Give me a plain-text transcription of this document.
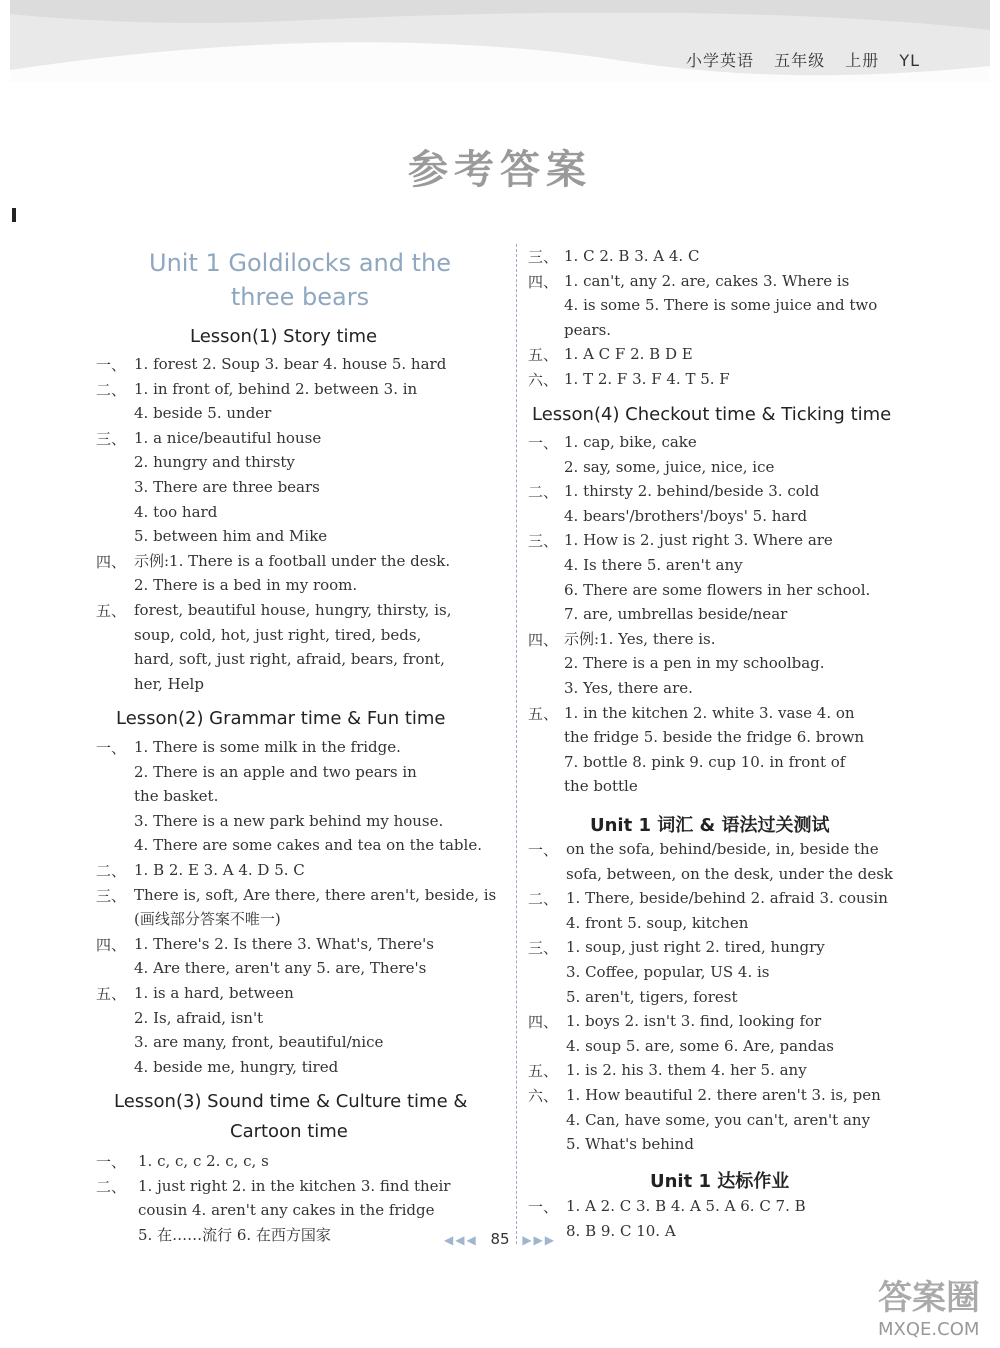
小学英语 五年级 上册 YL
参考答案
Unit 1 Goldilocks and the
three bears
Lesson(1) Story time
一、 1. forest 2. Soup 3. bear 4. house 5. hard
二、 1. in front of, behind 2. between 3. in
4. beside 5. under
三、 1. a nice/beautiful house
2. hungry and thirsty
3. There are three bears
4. too hard
5. between him and Mike
四、 示例:1. There is a football under the desk.
2. There is a bed in my room.
五、 forest, beautiful house, hungry, thirsty, is,
soup, cold, hot, just right, tired, beds,
hard, soft, just right, afraid, bears, front,
her, Help
Lesson(2) Grammar time & Fun time
一、 1. There is some milk in the fridge.
2. There is an apple and two pears in
the basket.
3. There is a new park behind my house.
4. There are some cakes and tea on the table.
二、 1. B 2. E 3. A 4. D 5. C
三、 There is, soft, Are there, there aren't, beside, is
(画线部分答案不唯一)
四、 1. There's 2. Is there 3. What's, There's
4. Are there, aren't any 5. are, There's
五、 1. is a hard, between
2. Is, afraid, isn't
3. are many, front, beautiful/nice
4. beside me, hungry, tired
Lesson(3) Sound time & Culture time &
Cartoon time
一、 1. c, c, c 2. c, c, s
二、 1. just right 2. in the kitchen 3. find their
cousin 4. aren't any cakes in the fridge
5. 在……流行 6. 在西方国家
三、 1. C 2. B 3. A 4. C
四、 1. can't, any 2. are, cakes 3. Where is
4. is some 5. There is some juice and two
pears.
五、 1. A C F 2. B D E
六、 1. T 2. F 3. F 4. T 5. F
Lesson(4) Checkout time & Ticking time
一、 1. cap, bike, cake
2. say, some, juice, nice, ice
二、 1. thirsty 2. behind/beside 3. cold
4. bears'/brothers'/boys' 5. hard
三、 1. How is 2. just right 3. Where are
4. Is there 5. aren't any
6. There are some flowers in her school.
7. are, umbrellas beside/near
四、 示例:1. Yes, there is.
2. There is a pen in my schoolbag.
3. Yes, there are.
五、 1. in the kitchen 2. white 3. vase 4. on
the fridge 5. beside the fridge 6. brown
7. bottle 8. pink 9. cup 10. in front of
the bottle
Unit 1 词汇 & 语法过关测试
一、 on the sofa, behind/beside, in, beside the
sofa, between, on the desk, under the desk
二、 1. There, beside/behind 2. afraid 3. cousin
4. front 5. soup, kitchen
三、 1. soup, just right 2. tired, hungry
3. Coffee, popular, US 4. is
5. aren't, tigers, forest
四、 1. boys 2. isn't 3. find, looking for
4. soup 5. are, some 6. Are, pandas
五、 1. is 2. his 3. them 4. her 5. any
六、 1. How beautiful 2. there aren't 3. is, pen
4. Can, have some, you can't, aren't any
5. What's behind
Unit 1 达标作业
一、 1. A 2. C 3. B 4. A 5. A 6. C 7. B
8. B 9. C 10. A
◀◀◀ 85 ▶▶▶
答案圈
MXQE.COM
